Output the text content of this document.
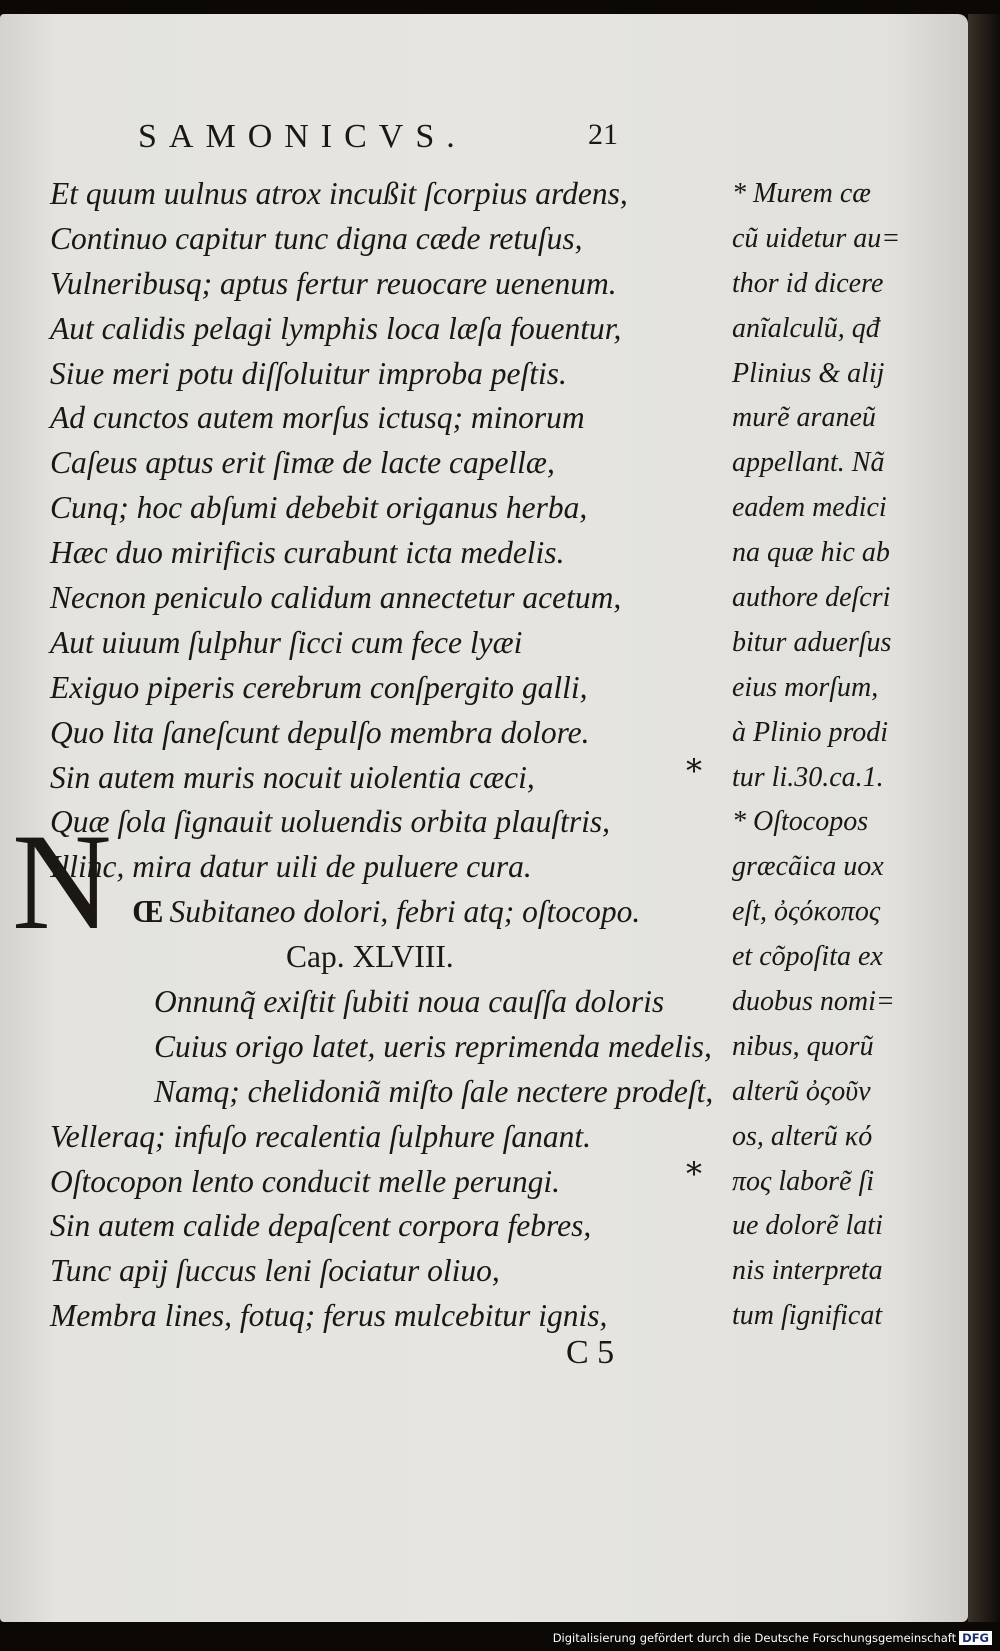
SAMONICVS.	21
Et quum uulnus atrox incußit ſcorpius ardens,
Continuo capitur tunc digna cæde retuſus,
Vulneribusq; aptus fertur reuocare uenenum.
Aut calidis pelagi lymphis loca læſa fouentur,
Siue meri potu diſſoluitur improba peſtis.
Ad cunctos autem morſus ictusq; minorum
Caſeus aptus erit ſimæ de lacte capellæ,
Cunq; hoc abſumi debebit origanus herba,
Hæc duo mirificis curabunt icta medelis.
Necnon peniculo calidum annectetur acetum,
Aut uiuum ſulphur ſicci cum fece lyæi
Exiguo piperis cerebrum conſpergito galli,
Quo lita ſaneſcunt depulſo membra dolore.
Sin autem muris nocuit uiolentia cæci,
Quæ ſola ſignauit uoluendis orbita plauſtris,
Illinc, mira datur uili de puluere cura.
Œ Subitaneo dolori, febri atq; oſtocopo.
Cap. XLVIII.
Onnunq̃ exiſtit ſubiti noua cauſſa doloris
Cuius origo latet, ueris reprimenda medelis,
Namq; chelidoniã miſto ſale nectere prodeſt,
Velleraq; infuſo recalentia ſulphure ſanant.
Oſtocopon lento conducit melle perungi.
Sin autem calide depaſcent corpora febres,
Tunc apij ſuccus leni ſociatur oliuo,
Membra lines, fotuq; ferus mulcebitur ignis,
N
*
*
* Murem cæ
cũ uidetur au=
thor id dicere
anĩalculũ, qđ
Plinius & alij
murẽ araneũ
appellant. Nã
eadem medici
na quæ hic ab
authore deſcri
bitur aduerſus
eius morſum,
à Plinio prodi
tur li.30.ca.1.
* Oſtocopos
græcãica uox
eſt, ὀςόκοπος
et cõpoſita ex
duobus nomi=
nibus, quorũ
alterũ ὀςοῦν
os, alterũ κό
πος laborẽ ſi
ue dolorẽ lati
nis interpreta
tum ſignificat
C 5
Digitalisierung gefördert durch die Deutsche Forschungsgemeinschaft DFG
